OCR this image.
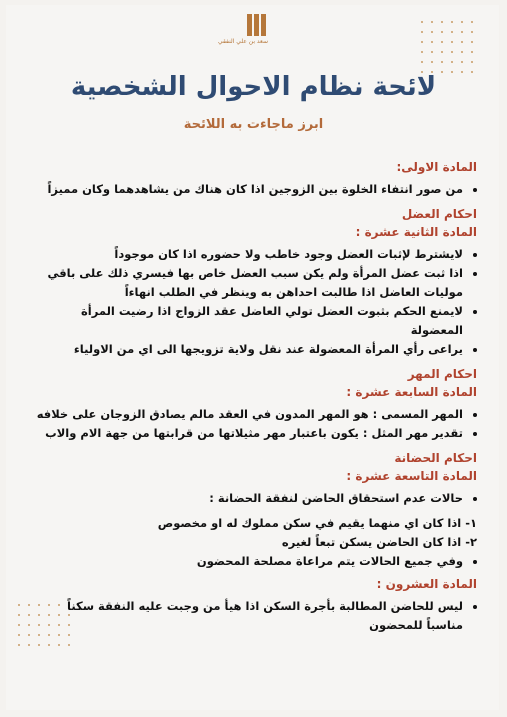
سعد بن علي النفقي
لائحة نظام الاحوال الشخصية
ابرز ماجاءت به اللائحة
المادة الاولى:
• من صور انتفاء الخلوة بين الزوجين اذا كان هناك من يشاهدهما وكان مميزاً
احكام العضل
المادة الثانية عشرة :
• لايشترط لإثبات العضل وجود خاطب ولا حضوره اذا كان موجوداً
• اذا ثبت عضل المرأة ولم يكن سبب العضل خاص بها فيسري ذلك على باقي موليات العاضل اذا طالبت احداهن به وينظر في الطلب انهاءاً
• لايمنع الحكم بثبوت العضل تولي العاضل عقد الزواج اذا رضيت المرأة المعضولة
• يراعى رأي المرأة المعضولة عند نقل ولاية تزويجها الى اي من الاولياء
احكام المهر
المادة السابعة عشرة :
• المهر المسمى : هو المهر المدون في العقد مالم يصادق الزوجان على خلافه
• تقدير مهر المثل : يكون باعتبار مهر مثيلاتها من قرابتها من جهة الام والاب
احكام الحضانة
المادة التاسعة عشرة :
• حالات عدم استحقاق الحاضن لنفقة الحضانة :
١- اذا كان اي منهما يقيم في سكن مملوك له او مخصوص
٢- اذا كان الحاضن يسكن تبعاً لغيره
• وفي جميع الحالات يتم مراعاة مصلحة المحضون
المادة العشرون :
• ليس للحاضن المطالبة بأجرة السكن اذا هيأ من وجبت عليه النفقة سكناً مناسباً للمحضون
